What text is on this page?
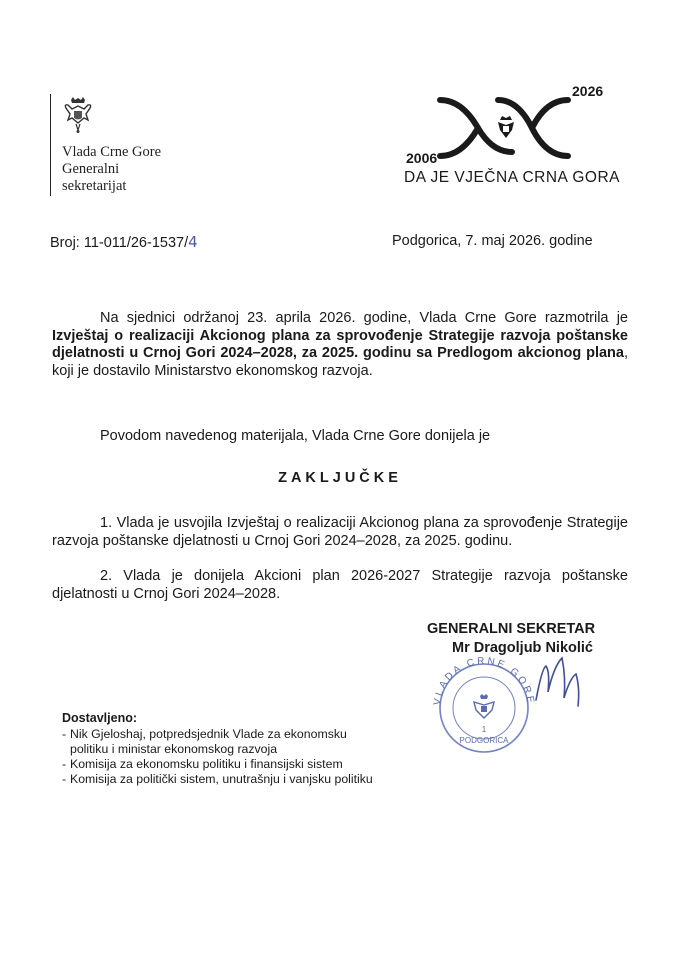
Vlada Crne Gore
Generalni
sekretarijat
2006
2026
DA JE VJEČNA CRNA GORA
Broj: 11-011/26-1537/4	Podgorica, 7. maj 2026. godine

Na sjednici održanoj 23. aprila 2026. godine, Vlada Crne Gore razmotrila je Izvještaj o realizaciji Akcionog plana za sprovođenje Strategije razvoja poštanske djelatnosti u Crnoj Gori 2024–2028, za 2025. godinu sa Predlogom akcionog plana, koji je dostavilo Ministarstvo ekonomskog razvoja.

Povodom navedenog materijala, Vlada Crne Gore donijela je
ZAKLJUČKE

1. Vlada je usvojila Izvještaj o realizaciji Akcionog plana za sprovođenje Strategije razvoja poštanske djelatnosti u Crnoj Gori 2024–2028, za 2025. godinu.

2. Vlada je donijela Akcioni plan 2026-2027 Strategije razvoja poštanske djelatnosti u Crnoj Gori 2024–2028.

GENERALNI SEKRETAR
Mr Dragoljub Nikolić
VLADA CRNE GORE
1
PODGORICA
Dostavljeno:
- Nik Gjeloshaj, potpredsjednik Vlade za ekonomsku
politiku i ministar ekonomskog razvoja
- Komisija za ekonomsku politiku i finansijski sistem
- Komisija za politički sistem, unutrašnju i vanjsku politiku
